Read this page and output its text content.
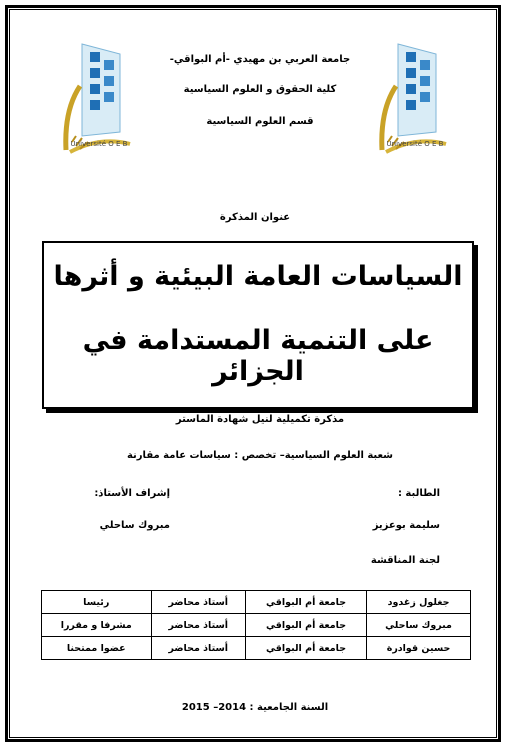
Université O E B	Université O E B
جامعة العربي بن مهيدي -أم البواقي-
كلية الحقوق و العلوم السياسية
قسم العلوم السياسية
عنوان المذكرة
السياسات العامة البيئية و أثرها
على التنمية المستدامة في الجزائر
مذكرة تكميلية لنيل شهادة الماستر
شعبة العلوم السياسية– تخصص : سياسات عامة مقارنة
الطالبة :
إشراف الأستاذ:
سليمة بوعزيز
مبروك ساحلي
لجنة المناقشة
جغلول زغدود	جامعة أم البواقي	أستاذ محاضر	رئيسا
مبروك ساحلي	جامعة أم البواقي	أستاذ محاضر	مشرفا و مقررا
حسين قوادرة	جامعة أم البواقي	أستاذ محاضر	عضوا ممتحنا
السنة الجامعية : 2014– 2015
